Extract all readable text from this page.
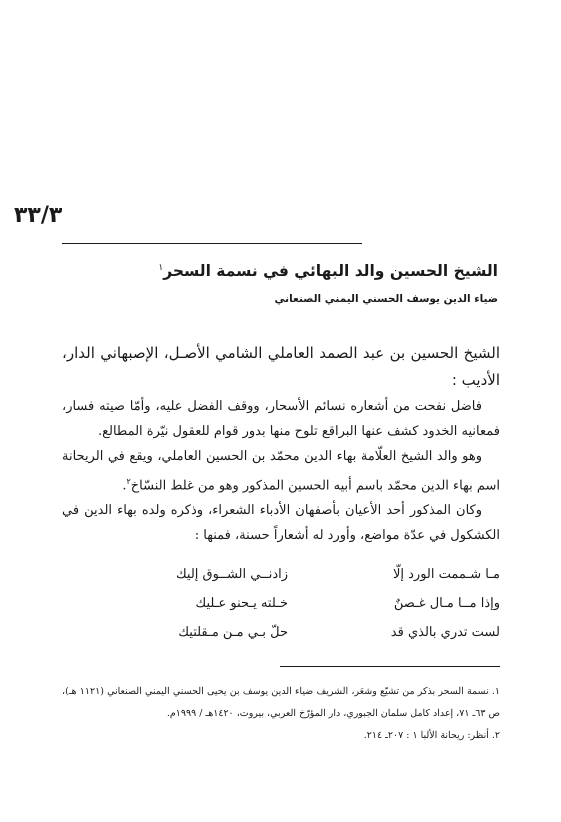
٣٣/٣
الشيخ الحسين والد البهائي في نسمة السحر$^١$
ضياء الدين يوسف الحسني اليمني الصنعاني

الشيخ الحسين بن عبد الصمد العاملي الشامي الأصـل، الإصبهاني الدار، الأديب :

فاضل نفحت من أشعاره نسائم الأسحار، ووقف الفضل عليه، وأمّا صيته فسار، فمعانيه الخدود كشف عنها البراقع تلوح منها بدور قوام للعقول نيّرة المطالع.

وهو والد الشيخ العلّامة بهاء الدين محمّد بن الحسين العاملي، ويقع في الريحانة اسم بهاء الدين محمّد باسم أبيه الحسين المذكور وهو من غلط النسّاخ$^٢$.

وكان المذكور أحد الأعيان بأصفهان الأدباء الشعراء، وذكره ولده بهاء الدين في الكشكول في عدّة مواضع، وأورد له أشعاراً حسنة، فمنها :

مـا شـممت الورد إلّا
زادنــي الشــوق إليك
وإذا مــا مـال غـصنٌ
خـلته يـحنو عـليك
لست تدري بالذي قد
حلّ بـي مـن مـقلتيك

١. نسمة السحر بذكر من تشيّع وشعَر، الشريف ضياء الدين يوسف بن يحيى الحسني اليمني الصنعاني (١١٢١ هـ)، ص ٦٣ـ ٧١، إعداد كامل سلمان الجبوري، دار المؤرّخ العربي، بيروت، ١٤٢٠هـ / ١٩٩٩م.

٢. أنظر: ريحانة الألبا ١ : ٢٠٧ـ ٢١٤.
